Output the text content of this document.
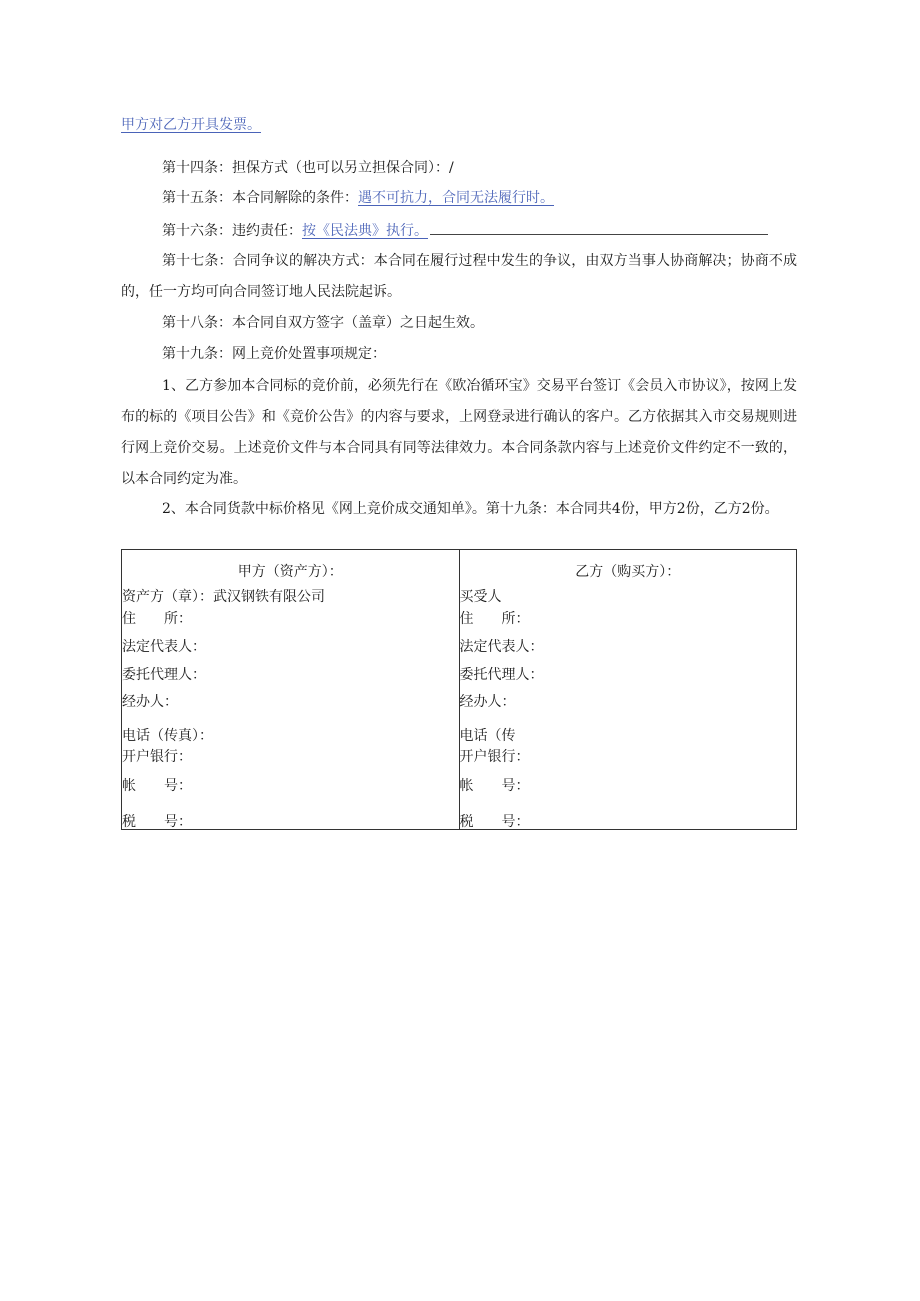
甲方对乙方开具发票。
第十四条：担保方式（也可以另立担保合同）：/
第十五条：本合同解除的条件：遇不可抗力，合同无法履行时。
第十六条：违约责任：按《民法典》执行。
第十七条：合同争议的解决方式：本合同在履行过程中发生的争议，由双方当事人协商解决；协商不成的，任一方均可向合同签订地人民法院起诉。
第十八条：本合同自双方签字（盖章）之日起生效。
第十九条：网上竞价处置事项规定：
1、乙方参加本合同标的竞价前，必须先行在《欧冶循环宝》交易平台签订《会员入市协议》，按网上发布的标的《项目公告》和《竞价公告》的内容与要求，上网登录进行确认的客户。乙方依据其入市交易规则进行网上竞价交易。上述竞价文件与本合同具有同等法律效力。本合同条款内容与上述竞价文件约定不一致的，以本合同约定为准。
2、本合同货款中标价格见《网上竞价成交通知单》。第十九条：本合同共4份，甲方2份，乙方2份。
甲方（资产方）：
资产方（章）：武汉钢铁有限公司
住　　所：
法定代表人：
委托代理人：
经办人：
电话（传真）：
开户银行：
帐　　号：
税　　号：

乙方（购买方）：
买受人
住　　所：
法定代表人：
委托代理人：
经办人：
电话（传
开户银行：
帐　　号：
税　　号：
